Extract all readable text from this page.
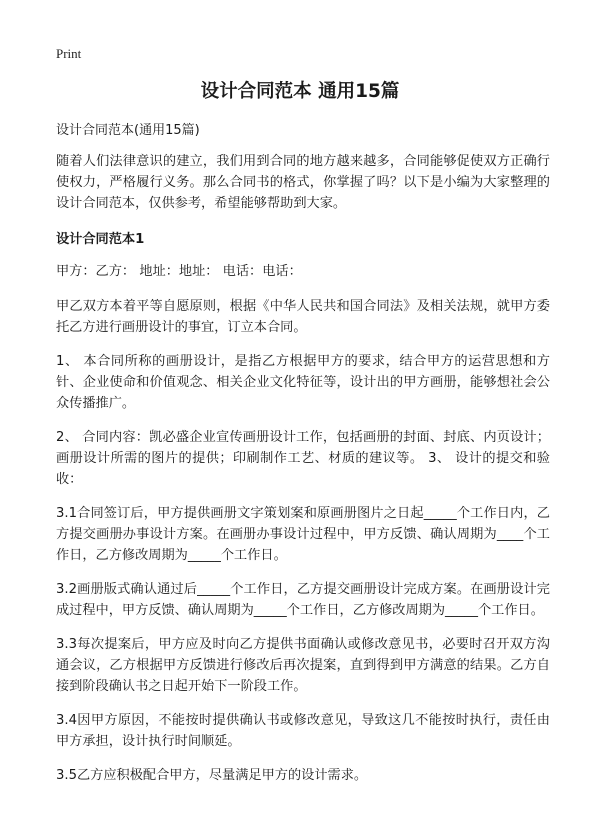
Print
设计合同范本 通用15篇

设计合同范本(通用15篇)

随着人们法律意识的建立，我们用到合同的地方越来越多，合同能够促使双方正确行使权力，严格履行义务。那么合同书的格式，你掌握了吗？以下是小编为大家整理的设计合同范本，仅供参考，希望能够帮助到大家。

设计合同范本1

甲方：乙方： 地址：地址： 电话：电话：

甲乙双方本着平等自愿原则，根据《中华人民共和国合同法》及相关法规，就甲方委托乙方进行画册设计的事宜，订立本合同。

1、 本合同所称的画册设计，是指乙方根据甲方的要求，结合甲方的运营思想和方针、企业使命和价值观念、相关企业文化特征等，设计出的甲方画册，能够想社会公众传播推广。

2、 合同内容：凯必盛企业宣传画册设计工作，包括画册的封面、封底、内页设计；画册设计所需的图片的提供；印刷制作工艺、材质的建议等。 3、 设计的提交和验收：

3.1合同签订后，甲方提供画册文字策划案和原画册图片之日起_____个工作日内，乙方提交画册办事设计方案。在画册办事设计过程中，甲方反馈、确认周期为____个工作日，乙方修改周期为_____个工作日。

3.2画册版式确认通过后_____个工作日，乙方提交画册设计完成方案。在画册设计完成过程中，甲方反馈、确认周期为_____个工作日，乙方修改周期为_____个工作日。

3.3每次提案后，甲方应及时向乙方提供书面确认或修改意见书，必要时召开双方沟通会议，乙方根据甲方反馈进行修改后再次提案，直到得到甲方满意的结果。乙方自接到阶段确认书之日起开始下一阶段工作。

3.4因甲方原因，不能按时提供确认书或修改意见，导致这几不能按时执行，责任由甲方承担，设计执行时间顺延。

3.5乙方应积极配合甲方，尽量满足甲方的设计需求。
